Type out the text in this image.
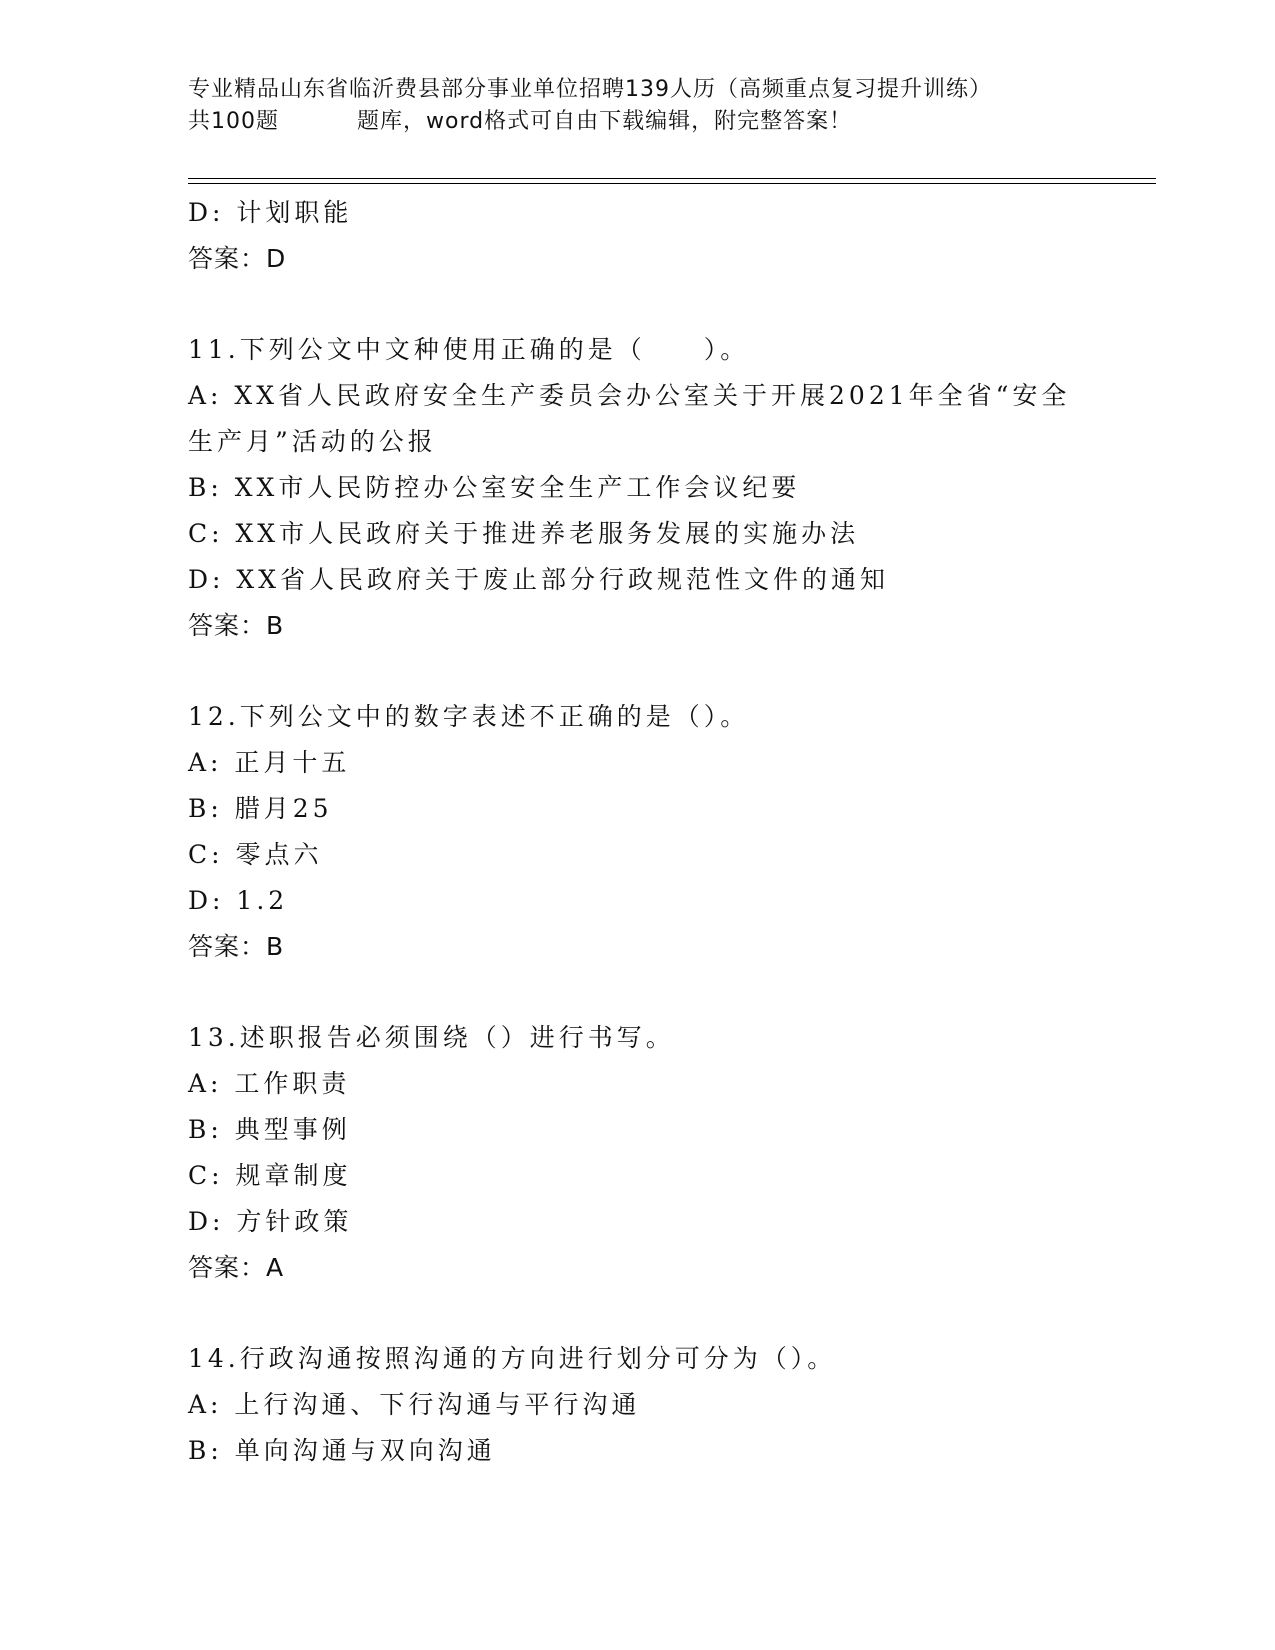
专业精品山东省临沂费县部分事业单位招聘139人历（高频重点复习提升训练）
共100题	题库，word格式可自由下载编辑，附完整答案！
D: 计划职能
答案：D
11.下列公文中文种使用正确的是（　　）。
A: XX省人民政府安全生产委员会办公室关于开展2021年全省“安全生产月”活动的公报
B: XX市人民防控办公室安全生产工作会议纪要
C: XX市人民政府关于推进养老服务发展的实施办法
D: XX省人民政府关于废止部分行政规范性文件的通知
答案：B
12.下列公文中的数字表述不正确的是（）。
A: 正月十五
B: 腊月25
C: 零点六
D: 1.2
答案：B
13.述职报告必须围绕（）进行书写。
A: 工作职责
B: 典型事例
C: 规章制度
D: 方针政策
答案：A
14.行政沟通按照沟通的方向进行划分可分为（）。
A: 上行沟通、下行沟通与平行沟通
B: 单向沟通与双向沟通
